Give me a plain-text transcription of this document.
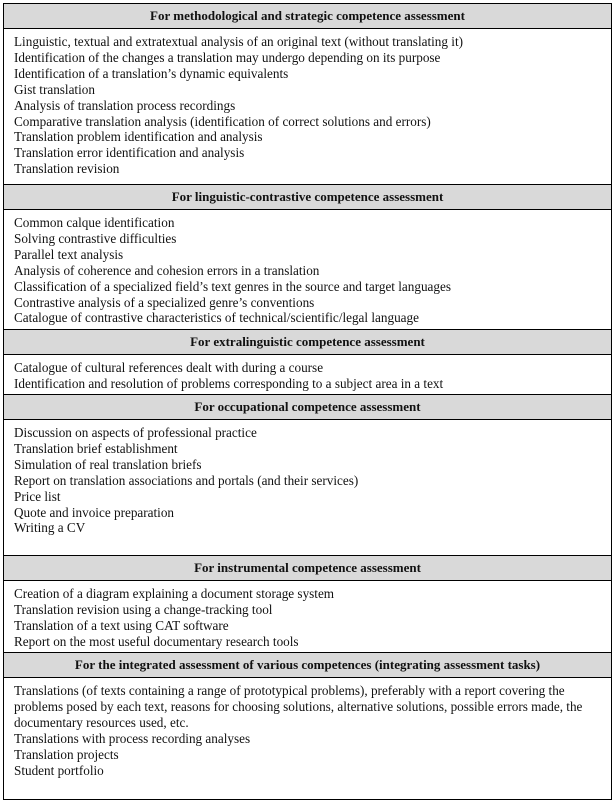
For methodological and strategic competence assessment
Linguistic, textual and extratextual analysis of an original text (without translating it)
Identification of the changes a translation may undergo depending on its purpose
Identification of a translation’s dynamic equivalents
Gist translation
Analysis of translation process recordings
Comparative translation analysis (identification of correct solutions and errors)
Translation problem identification and analysis
Translation error identification and analysis
Translation revision
For linguistic-contrastive competence assessment
Common calque identification
Solving contrastive difficulties
Parallel text analysis
Analysis of coherence and cohesion errors in a translation
Classification of a specialized field’s text genres in the source and target languages
Contrastive analysis of a specialized genre’s conventions
Catalogue of contrastive characteristics of technical/scientific/legal language
For extralinguistic competence assessment
Catalogue of cultural references dealt with during a course
Identification and resolution of problems corresponding to a subject area in a text
For occupational competence assessment
Discussion on aspects of professional practice
Translation brief establishment
Simulation of real translation briefs
Report on translation associations and portals (and their services)
Price list
Quote and invoice preparation
Writing a CV
For instrumental competence assessment
Creation of a diagram explaining a document storage system
Translation revision using a change-tracking tool
Translation of a text using CAT software
Report on the most useful documentary research tools
For the integrated assessment of various competences (integrating assessment tasks)
Translations (of texts containing a range of prototypical problems), preferably with a report covering the problems posed by each text, reasons for choosing solutions, alternative solutions, possible errors made, the documentary resources used, etc.
Translations with process recording analyses
Translation projects
Student portfolio
